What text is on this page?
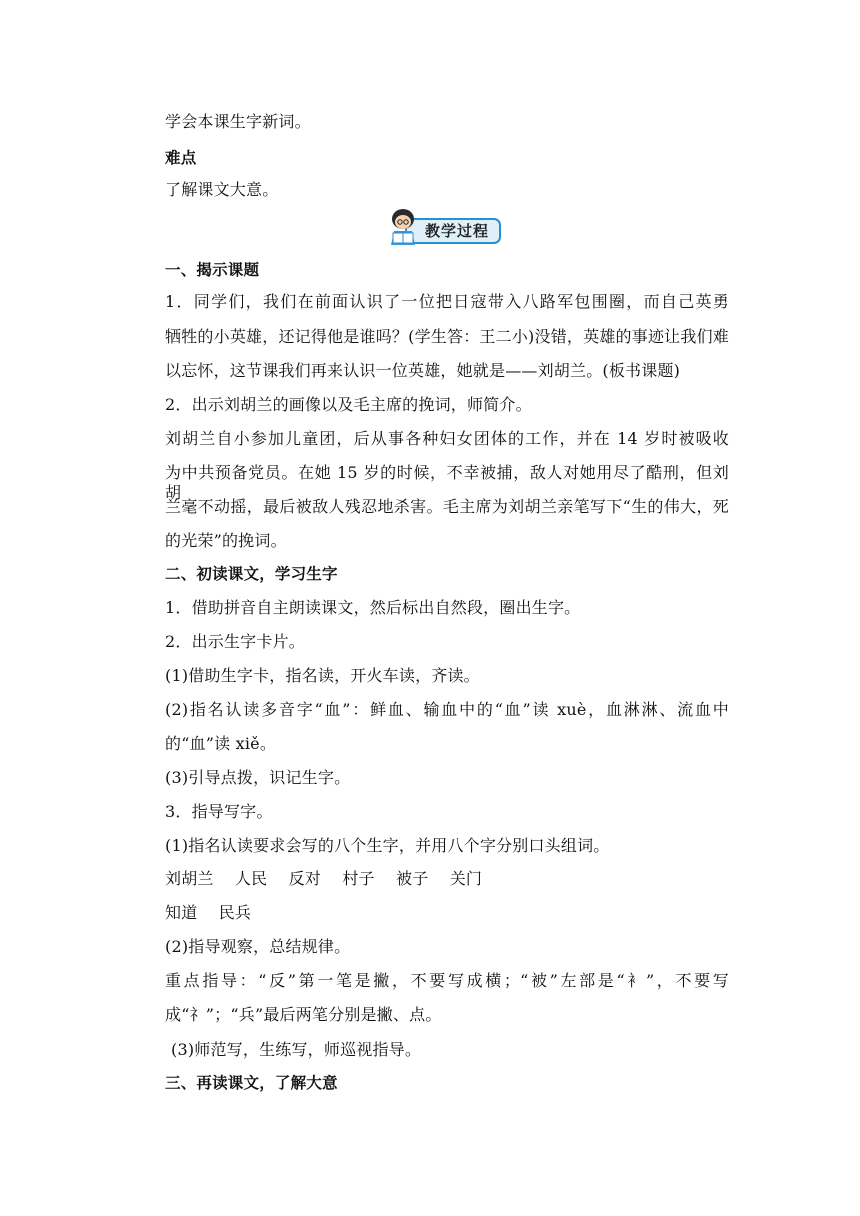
学会本课生字新词。
难点
了解课文大意。
教学过程
一、揭示课题
1．同学们，我们在前面认识了一位把日寇带入八路军包围圈，而自己英勇
牺牲的小英雄，还记得他是谁吗？(学生答：王二小)没错，英雄的事迹让我们难
以忘怀，这节课我们再来认识一位英雄，她就是——刘胡兰。(板书课题)
2．出示刘胡兰的画像以及毛主席的挽词，师简介。
刘胡兰自小参加儿童团，后从事各种妇女团体的工作，并在 14 岁时被吸收
为中共预备党员。在她 15 岁的时候，不幸被捕，敌人对她用尽了酷刑，但刘胡
兰毫不动摇，最后被敌人残忍地杀害。毛主席为刘胡兰亲笔写下“生的伟大，死
的光荣”的挽词。
二、初读课文，学习生字
1．借助拼音自主朗读课文，然后标出自然段，圈出生字。
2．出示生字卡片。
(1)借助生字卡，指名读，开火车读，齐读。
(2)指名认读多音字“血”：鲜血、输血中的“血”读 xuè，血淋淋、流血中
的“血”读 xiě。
(3)引导点拨，识记生字。
3．指导写字。
(1)指名认读要求会写的八个生字，并用八个字分别口头组词。
刘胡兰 人民 反对 村子 被子 关门
知道 民兵
(2)指导观察，总结规律。
重点指导：“反”第一笔是撇，不要写成横；“被”左部是“衤”，不要写
成“礻”；“兵”最后两笔分别是撇、点。
(3)师范写，生练写，师巡视指导。
三、再读课文，了解大意
